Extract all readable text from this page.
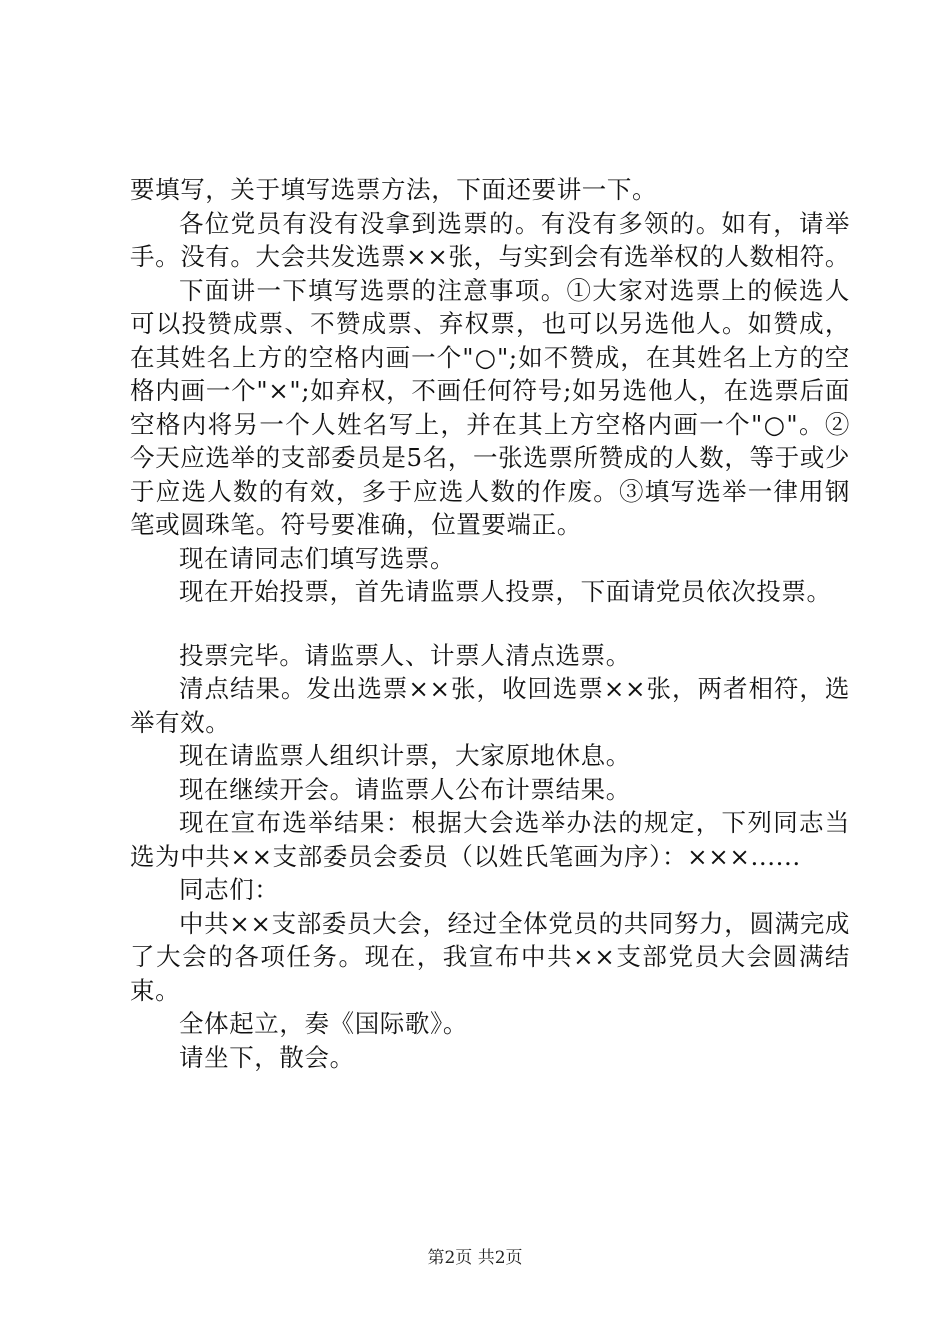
要填写，关于填写选票方法，下面还要讲一下。

各位党员有没有没拿到选票的。有没有多领的。如有，请举手。没有。大会共发选票××张，与实到会有选举权的人数相符。

下面讲一下填写选票的注意事项。①大家对选票上的候选人可以投赞成票、不赞成票、弃权票，也可以另选他人。如赞成，在其姓名上方的空格内画一个"○";如不赞成，在其姓名上方的空格内画一个"×";如弃权，不画任何符号;如另选他人，在选票后面空格内将另一个人姓名写上，并在其上方空格内画一个"○"。②今天应选举的支部委员是5名，一张选票所赞成的人数，等于或少于应选人数的有效，多于应选人数的作废。③填写选举一律用钢笔或圆珠笔。符号要准确，位置要端正。

现在请同志们填写选票。

现在开始投票，首先请监票人投票，下面请党员依次投票。

投票完毕。请监票人、计票人清点选票。

清点结果。发出选票××张，收回选票××张，两者相符，选举有效。

现在请监票人组织计票，大家原地休息。

现在继续开会。请监票人公布计票结果。

现在宣布选举结果：根据大会选举办法的规定，下列同志当选为中共××支部委员会委员（以姓氏笔画为序）：×××......

同志们：

中共××支部委员大会，经过全体党员的共同努力，圆满完成了大会的各项任务。现在，我宣布中共××支部党员大会圆满结束。

全体起立，奏《国际歌》。

请坐下，散会。

第2页 共2页
